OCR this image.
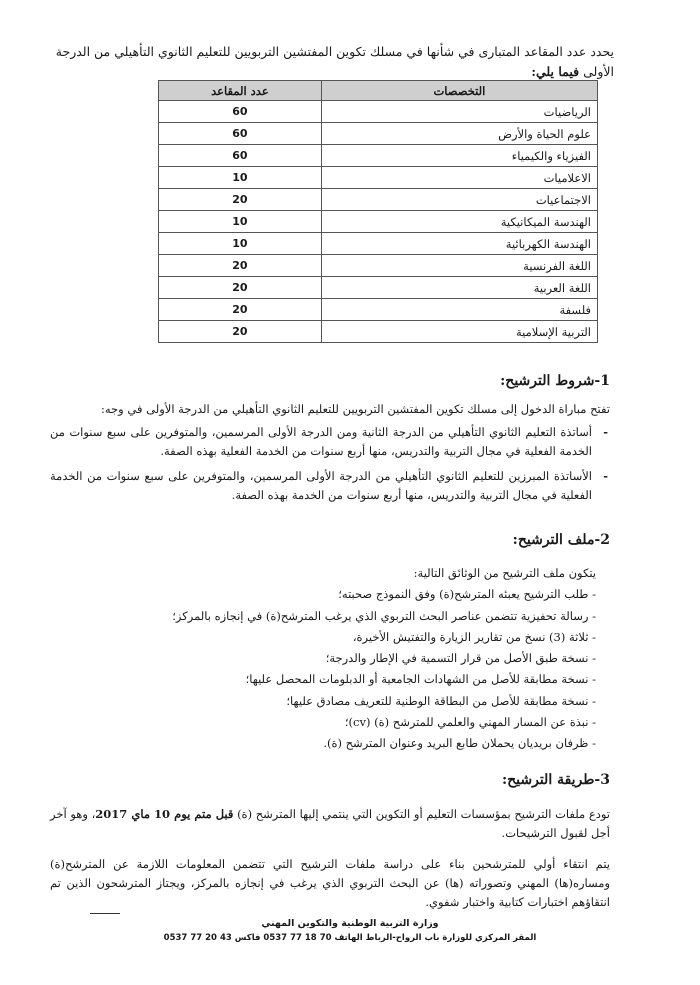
يحدد عدد المقاعد المتبارى في شأنها في مسلك تكوين المفتشين التربويين للتعليم الثانوي التأهيلي من الدرجة الأولى فيما يلي:
التخصصات	عدد المقاعد
الرياضيات	60
علوم الحياة والأرض	60
الفيزياء والكيمياء	60
الاعلاميات	10
الاجتماعيات	20
الهندسة الميكانيكية	10
الهندسة الكهربائية	10
اللغة الفرنسية	20
اللغة العربية	20
فلسفة	20
التربية الإسلامية	20
1-شروط الترشيح:
تفتح مباراة الدخول إلى مسلك تكوين المفتشين التربويين للتعليم الثانوي التأهيلي من الدرجة الأولى في وجه:
- أساتذة التعليم الثانوي التأهيلي من الدرجة الثانية ومن الدرجة الأولى المرسمين، والمتوفرين على سبع سنوات من الخدمة الفعلية في مجال التربية والتدريس، منها أربع سنوات من الخدمة الفعلية بهذه الصفة.
- الأساتذة المبرزين للتعليم الثانوي التأهيلي من الدرجة الأولى المرسمين، والمتوفرين على سبع سنوات من الخدمة الفعلية في مجال التربية والتدريس، منها أربع سنوات من الخدمة بهذه الصفة.
2-ملف الترشيح:
يتكون ملف الترشيح من الوثائق التالية:
- طلب الترشيح يعبئه المترشح(ة) وفق النموذج صحبته؛
- رسالة تحفيزية تتضمن عناصر البحث التربوي الذي يرغب المترشح(ة) في إنجازه بالمركز؛
- ثلاثة (3) نسخ من تقارير الزيارة والتفتيش الأخيرة،
- نسخة طبق الأصل من قرار التسمية في الإطار والدرجة؛
- نسخة مطابقة للأصل من الشهادات الجامعية أو الدبلومات المحصل عليها؛
- نسخة مطابقة للأصل من البطاقة الوطنية للتعريف مصادق عليها؛
- نبذة عن المسار المهني والعلمي للمترشح (ة) (cv)؛
- ظرفان بريديان يحملان طابع البريد وعنوان المترشح (ة).
3-طريقة الترشيح:
تودع ملفات الترشيح بمؤسسات التعليم أو التكوين التي ينتمي إليها المترشح (ة) قبل متم يوم 10 ماي 2017، وهو آخر أجل لقبول الترشيحات.
يتم انتقاء أولي للمترشحين بناء على دراسة ملفات الترشيح التي تتضمن المعلومات اللازمة عن المترشح(ة) ومساره(ها) المهني وتصوراته (ها) عن البحث التربوي الذي يرغب في إنجازه بالمركز، ويجتاز المترشحون الذين تم انتقاؤهم اختبارات كتابية واختبار شفوي.
وزارة التربية الوطنية والتكوين المهني
المقر المركزي للوزارة باب الرواح-الرباط الهاتف 70 18 77 0537 فاكس 43 20 77 0537
